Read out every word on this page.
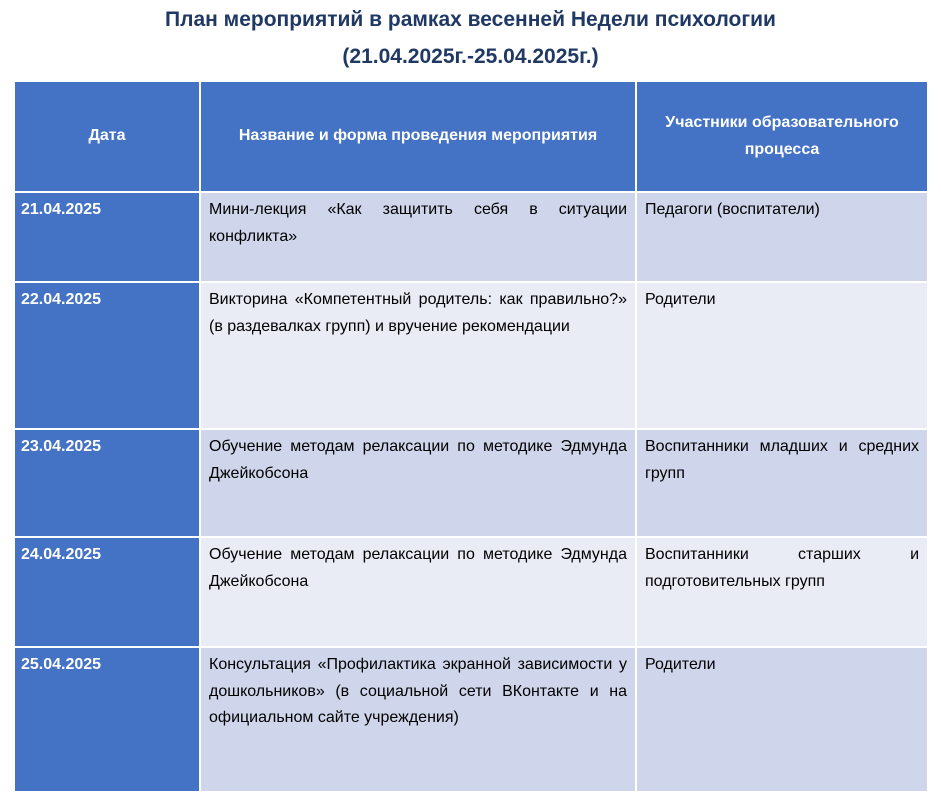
План мероприятий в рамках весенней Недели психологии
(21.04.2025г.-25.04.2025г.)
Дата	Название и форма проведения мероприятия	Участники образовательного процесса
21.04.2025	Мини-лекция «Как защитить себя в ситуации конфликта»	Педагоги (воспитатели)
22.04.2025	Викторина «Компетентный родитель: как правильно?» (в раздевалках групп) и вручение рекомендации	Родители
23.04.2025	Обучение методам релаксации по методике Эдмунда Джейкобсона	Воспитанники младших и средних групп
24.04.2025	Обучение методам релаксации по методике Эдмунда Джейкобсона	Воспитанники старших и подготовительных групп
25.04.2025	Консультация «Профилактика экранной зависимости у дошкольников» (в социальной сети ВКонтакте и на официальном сайте учреждения)	Родители
